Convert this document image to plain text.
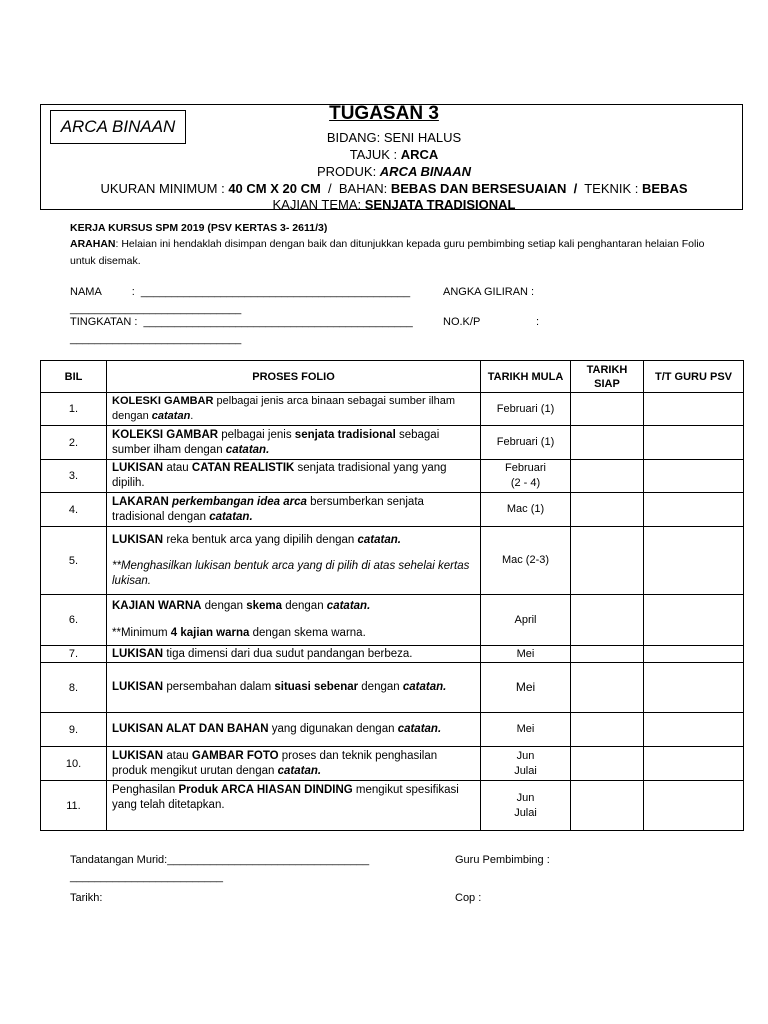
ARCA BINAAN
TUGASAN 3
BIDANG: SENI HALUS
TAJUK : ARCA
PRODUK: ARCA BINAAN
UKURAN MINIMUM : 40 CM X 20 CM  /  BAHAN: BEBAS DAN BERSESUAIAN  /  TEKNIK : BEBAS
KAJIAN TEMA: SENJATA TRADISIONAL
KERJA KURSUS SPM 2019 (PSV KERTAS 3- 2611/3)
ARAHAN: Helaian ini hendaklah disimpan dengan baik dan ditunjukkan kepada guru pembimbing setiap kali penghantaran helaian Folio untuk disemak.
NAMA          :  ____________________________________________
____________________________
ANGKA GILIRAN :
TINGKATAN :  ____________________________________________
____________________________
NO.K/P	:
BIL	PROSES FOLIO	TARIKH MULA	TARIKH SIAP	T/T GURU PSV
1.	KOLESKI GAMBAR pelbagai jenis arca binaan sebagai sumber ilham dengan catatan.	Februari (1)		
2.	KOLEKSI GAMBAR pelbagai jenis senjata tradisional sebagai sumber ilham dengan catatan.	Februari (1)		
3.	LUKISAN atau CATAN REALISTIK senjata tradisional yang yang dipilih.	Februari
(2 - 4)		

4.	LAKARAN perkembangan idea arca bersumberkan senjata tradisional dengan catatan.	Mac (1)		
5.	LUKISAN reka bentuk arca yang dipilih dengan catatan.
**Menghasilkan lukisan bentuk arca yang di pilih di atas sehelai kertas lukisan.	Mac (2-3)		
6.	KAJIAN WARNA dengan skema dengan catatan.
**Minimum 4 kajian warna dengan skema warna.	April		
7.	LUKISAN tiga dimensi dari dua sudut pandangan berbeza.	Mei		
8.	LUKISAN persembahan dalam situasi sebenar dengan catatan.	Mei		
9.	LUKISAN ALAT DAN BAHAN yang digunakan dengan catatan.	Mei		
10.	LUKISAN atau GAMBAR FOTO proses dan teknik penghasilan produk mengikut urutan dengan catatan.	Jun
Julai		

11.	Penghasilan Produk ARCA HIASAN DINDING mengikut spesifikasi yang telah ditetapkan.	Jun
Julai		

Tandatangan Murid:_________________________________
_________________________
Guru Pembimbing :
Tarikh:	Cop :
